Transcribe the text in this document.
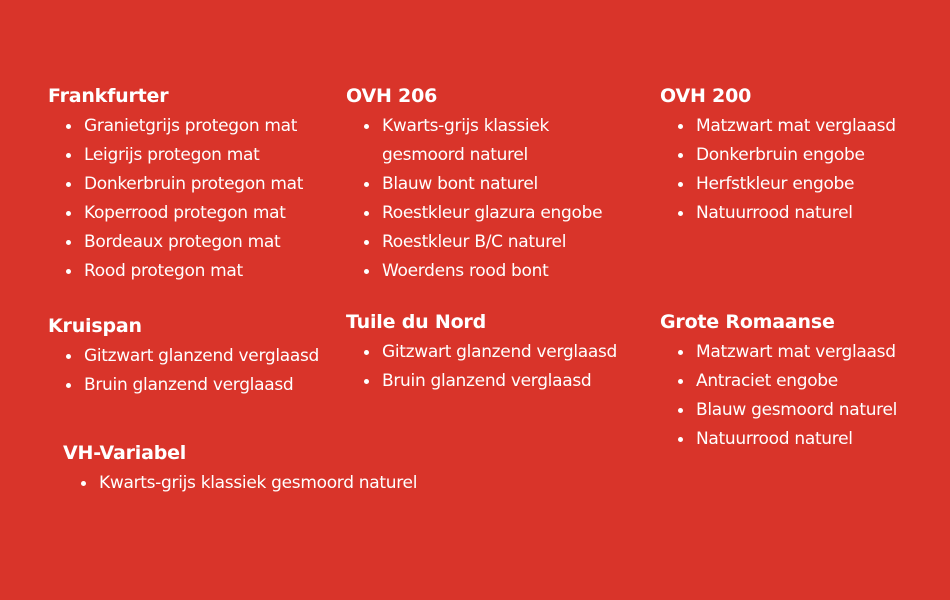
Frankfurter
Granietgrijs protegon mat
Leigrijs protegon mat
Donkerbruin protegon mat
Koperrood protegon mat
Bordeaux protegon mat
Rood protegon mat
OVH 206
Kwarts-grijs klassiek gesmoord naturel
Blauw bont naturel
Roestkleur glazura engobe
Roestkleur B/C naturel
Woerdens rood bont
OVH 200
Matzwart mat verglaasd
Donkerbruin engobe
Herfstkleur engobe
Natuurrood naturel
Kruispan
Gitzwart glanzend verglaasd
Bruin glanzend verglaasd
Tuile du Nord
Gitzwart glanzend verglaasd
Bruin glanzend verglaasd
Grote Romaanse
Matzwart mat verglaasd
Antraciet engobe
Blauw gesmoord naturel
Natuurrood naturel
VH-Variabel
Kwarts-grijs klassiek gesmoord naturel
